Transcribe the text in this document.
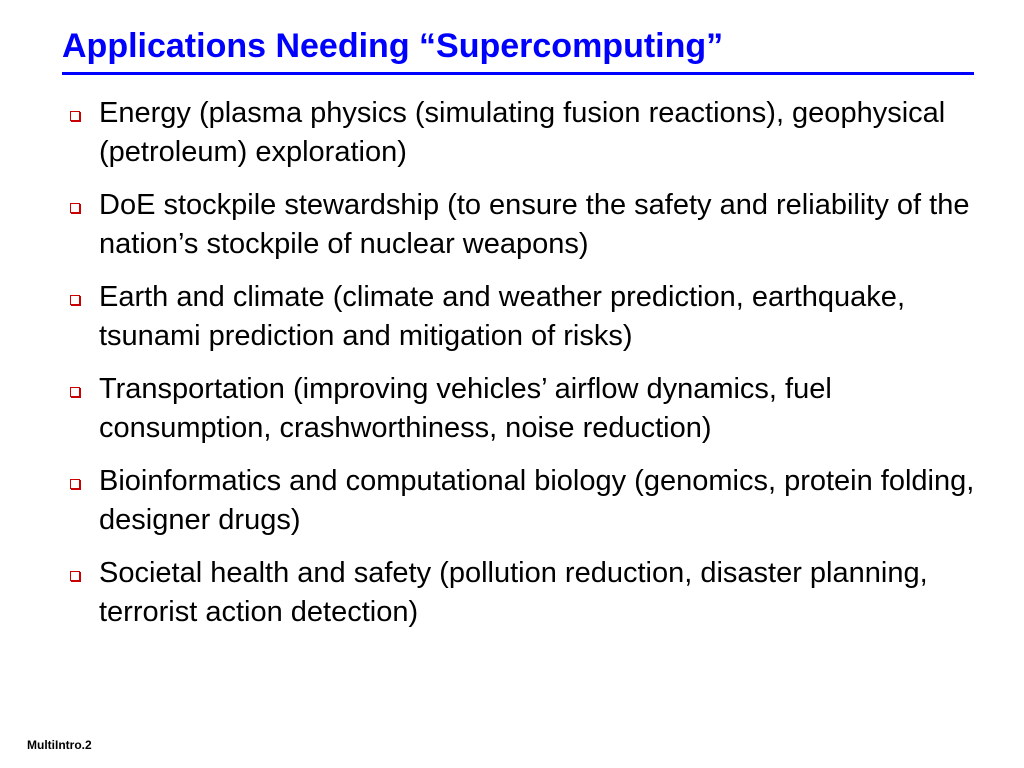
Applications Needing “Supercomputing”
Energy (plasma physics (simulating fusion reactions), geophysical (petroleum) exploration)
DoE stockpile stewardship (to ensure the safety and reliability of the nation’s stockpile of nuclear weapons)
Earth and climate (climate and weather prediction, earthquake, tsunami prediction and mitigation of risks)
Transportation (improving vehicles’ airflow dynamics, fuel consumption, crashworthiness, noise reduction)
Bioinformatics and computational biology (genomics, protein folding, designer drugs)
Societal health and safety (pollution reduction, disaster planning, terrorist action detection)
MultiIntro.2
